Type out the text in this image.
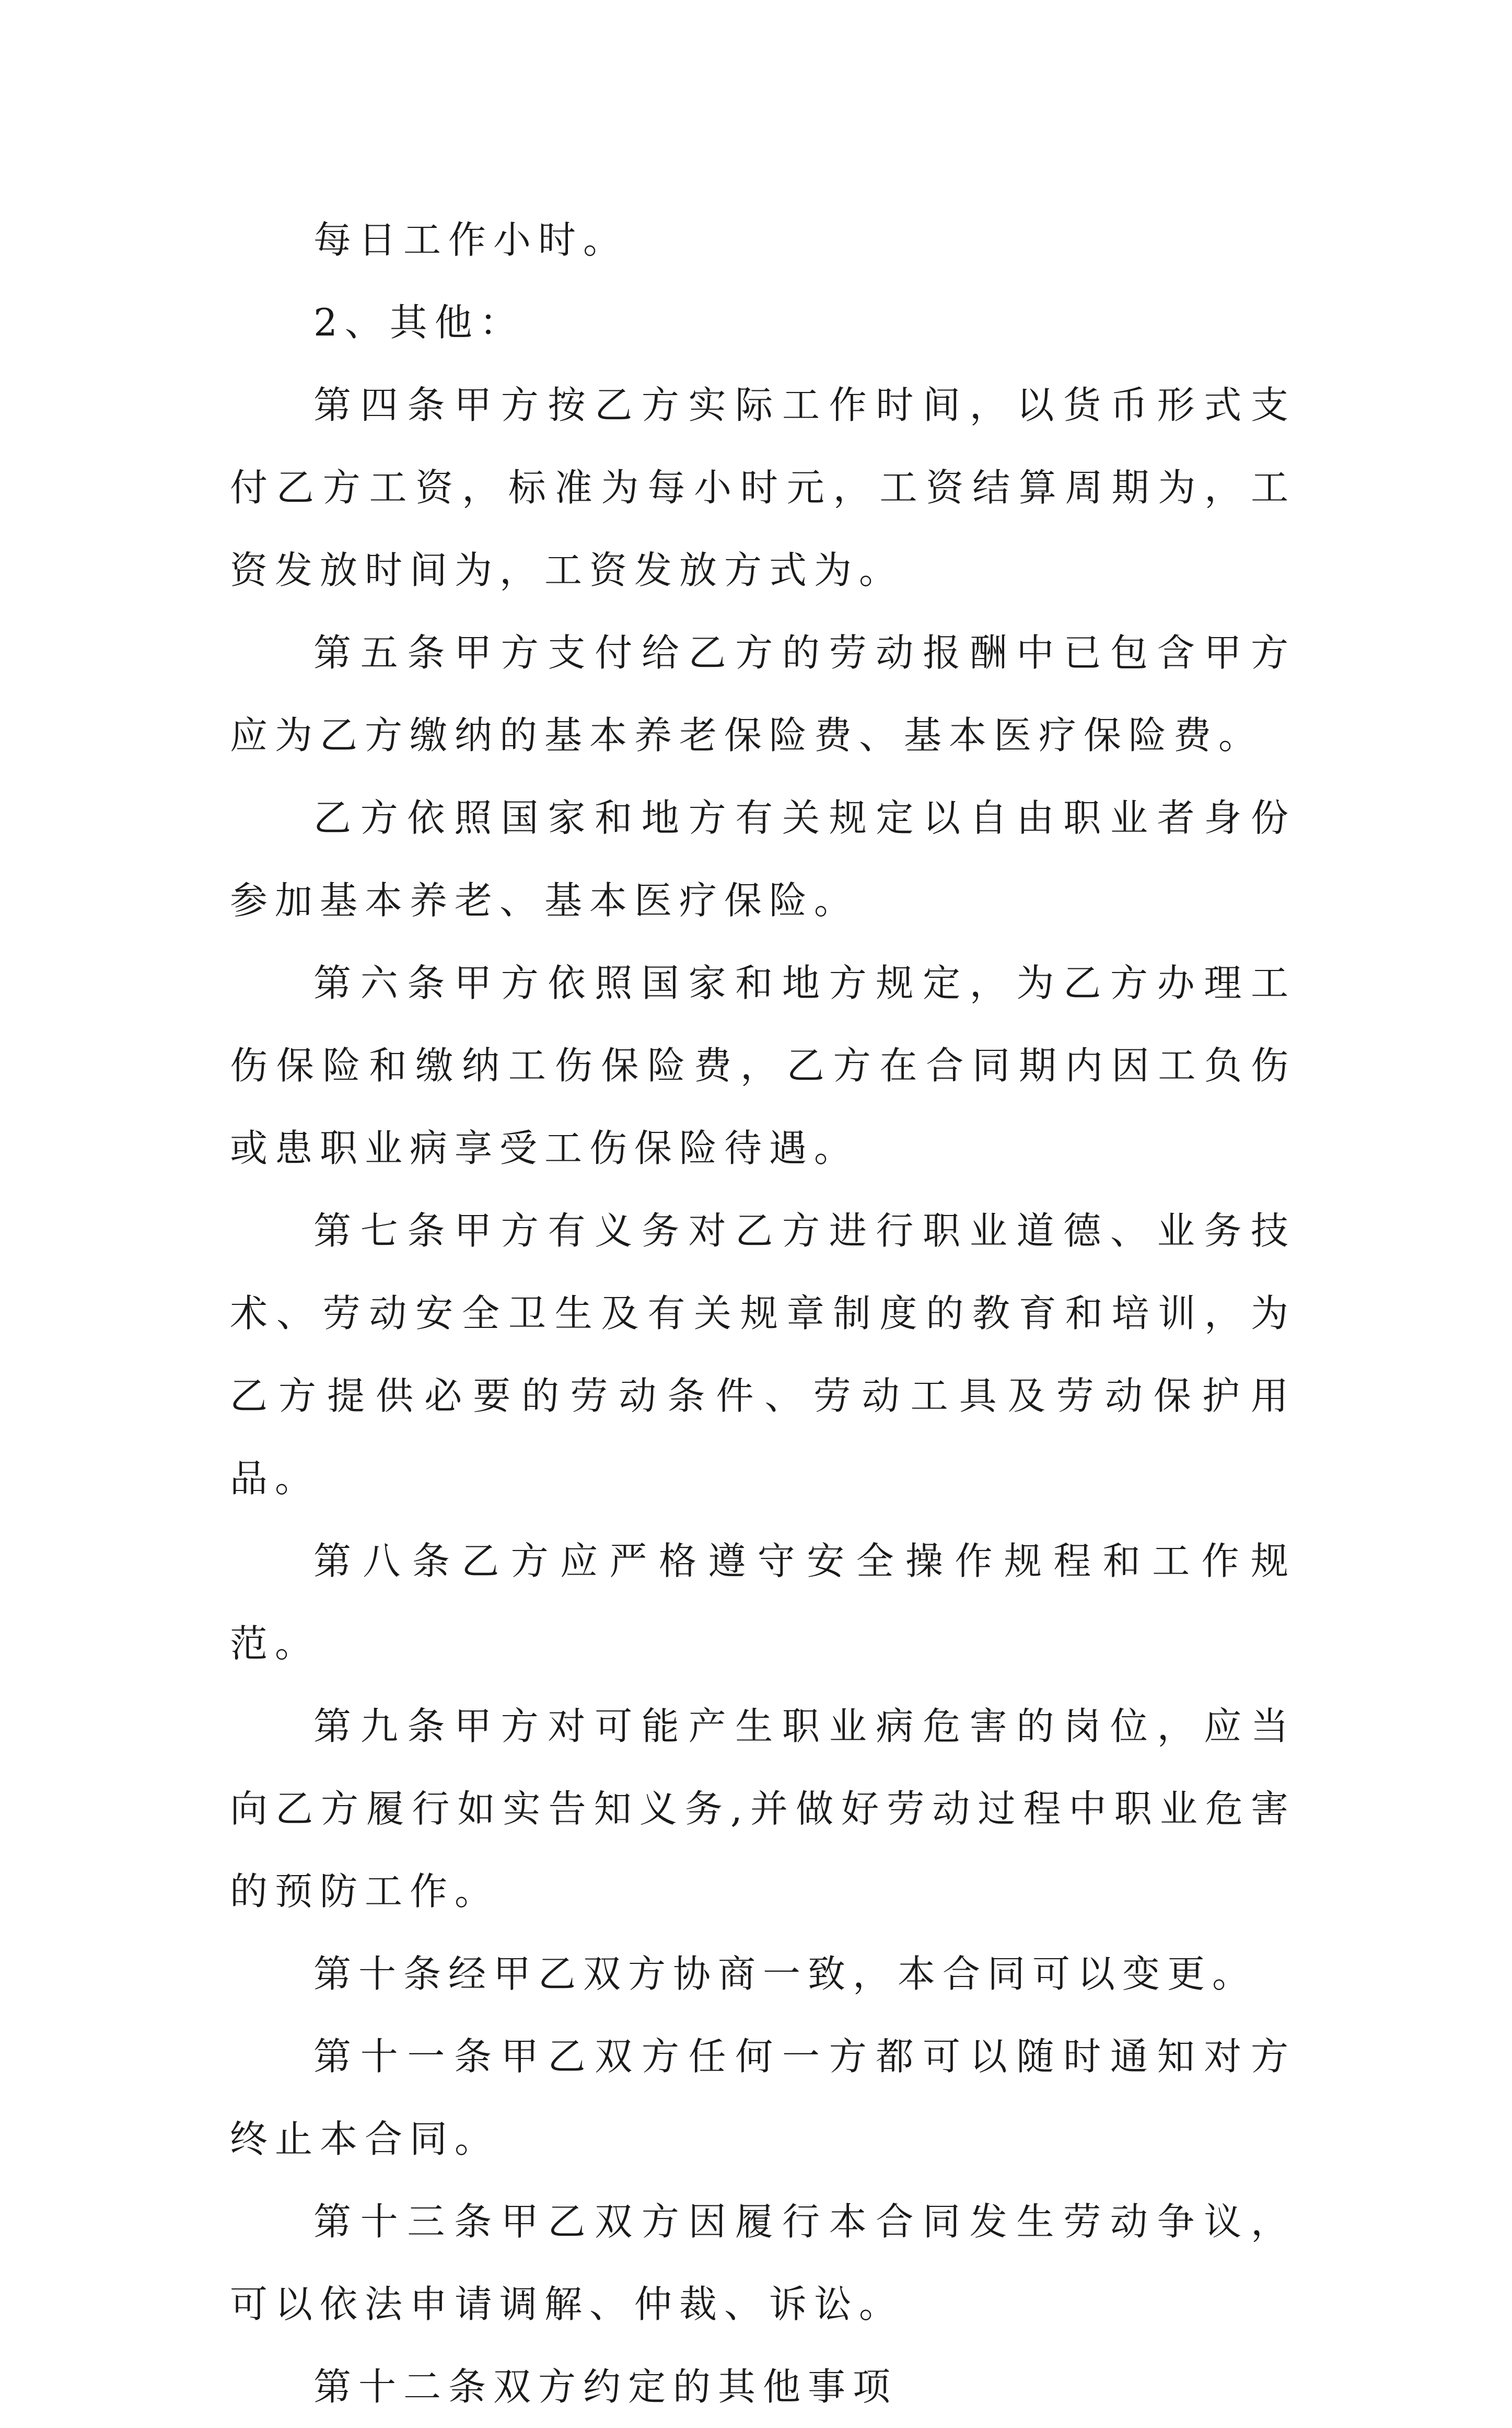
每日工作小时。

2、其他：

第四条甲方按乙方实际工作时间，以货币形式支付乙方工资，标准为每小时元，工资结算周期为，工资发放时间为，工资发放方式为。

第五条甲方支付给乙方的劳动报酬中已包含甲方应为乙方缴纳的基本养老保险费、基本医疗保险费。

乙方依照国家和地方有关规定以自由职业者身份参加基本养老、基本医疗保险。

第六条甲方依照国家和地方规定，为乙方办理工伤保险和缴纳工伤保险费，乙方在合同期内因工负伤或患职业病享受工伤保险待遇。

第七条甲方有义务对乙方进行职业道德、业务技术、劳动安全卫生及有关规章制度的教育和培训，为乙方提供必要的劳动条件、劳动工具及劳动保护用品。

第八条乙方应严格遵守安全操作规程和工作规范。

第九条甲方对可能产生职业病危害的岗位，应当向乙方履行如实告知义务,并做好劳动过程中职业危害的预防工作。

第十条经甲乙双方协商一致，本合同可以变更。

第十一条甲乙双方任何一方都可以随时通知对方终止本合同。

第十三条甲乙双方因履行本合同发生劳动争议，可以依法申请调解、仲裁、诉讼。

第十二条双方约定的其他事项
